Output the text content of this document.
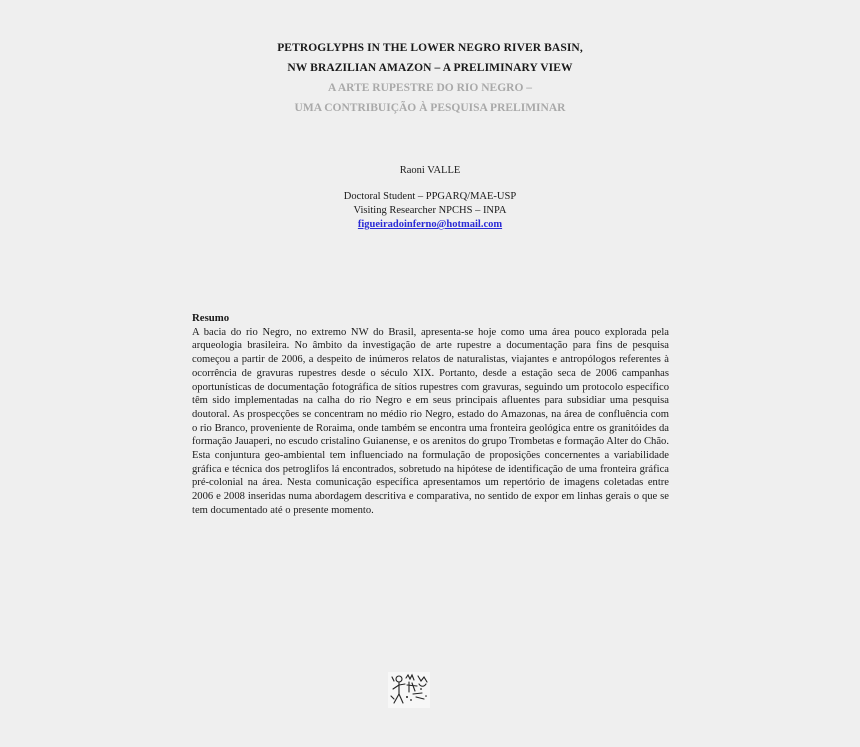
PETROGLYPHS IN THE LOWER NEGRO RIVER BASIN,
NW BRAZILIAN AMAZON – A PRELIMINARY VIEW
A ARTE RUPESTRE DO RIO NEGRO –
UMA CONTRIBUIÇÃO À PESQUISA PRELIMINAR
Raoni VALLE
Doctoral Student – PPGARQ/MAE-USP
Visiting Researcher NPCHS – INPA
figueiradoinferno@hotmail.com
Resumo

A bacia do rio Negro, no extremo NW do Brasil, apresenta-se hoje como uma área pouco explorada pela arqueologia brasileira. No âmbito da investigação de arte rupestre a documentação para fins de pesquisa começou a partir de 2006, a despeito de inúmeros relatos de naturalistas, viajantes e antropólogos referentes à ocorrência de gravuras rupestres desde o século XIX. Portanto, desde a estação seca de 2006 campanhas oportunísticas de documentação fotográfica de sítios rupestres com gravuras, seguindo um protocolo específico têm sido implementadas na calha do rio Negro e em seus principais afluentes para subsidiar uma pesquisa doutoral. As prospecções se concentram no médio rio Negro, estado do Amazonas, na área de confluência com o rio Branco, proveniente de Roraima, onde também se encontra uma fronteira geológica entre os granitóides da formação Jauaperi, no escudo cristalino Guianense, e os arenitos do grupo Trombetas e formação Alter do Chão. Esta conjuntura geo-ambiental tem influenciado na formulação de proposições concernentes a variabilidade gráfica e técnica dos petroglifos lá encontrados, sobretudo na hipótese de identificação de uma fronteira gráfica pré-colonial na área. Nesta comunicação específica apresentamos um repertório de imagens coletadas entre 2006 e 2008 inseridas numa abordagem descritiva e comparativa, no sentido de expor em linhas gerais o que se tem documentado até o presente momento.
